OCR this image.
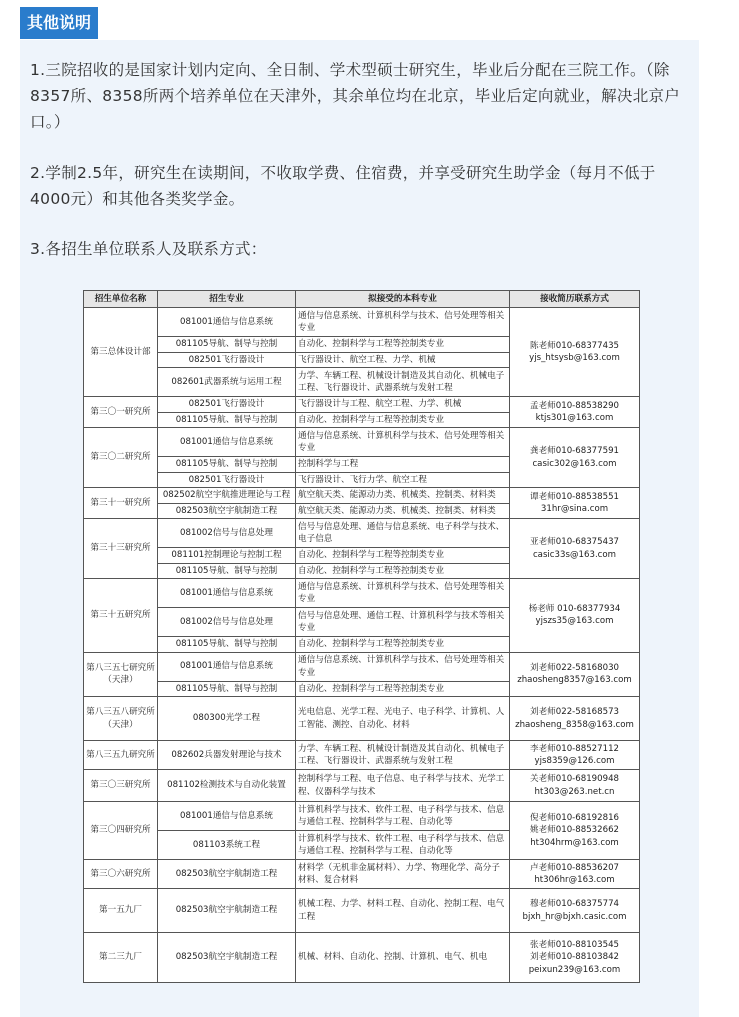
其他说明
1.三院招收的是国家计划内定向、全日制、学术型硕士研究生，毕业后分配在三院工作。（除8357所、8358所两个培养单位在天津外，其余单位均在北京，毕业后定向就业，解决北京户口。）
2.学制2.5年，研究生在读期间，不收取学费、住宿费，并享受研究生助学金（每月不低于4000元）和其他各类奖学金。
3.各招生单位联系人及联系方式：
招生单位名称	招生专业	拟接受的本科专业	接收简历联系方式
第三总体设计部	081001通信与信息系统	通信与信息系统、计算机科学与技术、信号处理等相关专业	陈老师010-68377435
yjs_htsysb@163.com

	081105导航、制导与控制	自动化、控制科学与工程等控制类专业	
	082501飞行器设计	飞行器设计、航空工程、力学、机械	
	082601武器系统与运用工程	力学、车辆工程、机械设计制造及其自动化、机械电子工程、飞行器设计、武器系统与发射工程	
第三〇一研究所	082501飞行器设计	飞行器设计与工程、航空工程、力学、机械	孟老师010-88538290
ktjs301@163.com

	081105导航、制导与控制	自动化、控制科学与工程等控制类专业	
第三〇二研究所	081001通信与信息系统	通信与信息系统、计算机科学与技术、信号处理等相关专业	龚老师010-68377591
casic302@163.com

	081105导航、制导与控制	控制科学与工程	
	082501飞行器设计	飞行器设计、飞行力学、航空工程	
第三十一研究所	082502航空宇航推进理论与工程	航空航天类、能源动力类、机械类、控制类、材料类	谭老师010-88538551
31hr@sina.com

	082503航空宇航制造工程	航空航天类、能源动力类、机械类、控制类、材料类	
第三十三研究所	081002信号与信息处理	信号与信息处理、通信与信息系统、电子科学与技术、电子信息	亚老师010-68375437
casic33s@163.com

	081101控制理论与控制工程	自动化、控制科学与工程等控制类专业	
	081105导航、制导与控制	自动化、控制科学与工程等控制类专业	
第三十五研究所	081001通信与信息系统	通信与信息系统、计算机科学与技术、信号处理等相关专业	杨老师 010-68377934
yjszs35@163.com

	081002信号与信息处理	信号与信息处理、通信工程、计算机科学与技术等相关专业	
	081105导航、制导与控制	自动化、控制科学与工程等控制类专业	
第八三五七研究所（天津）	081001通信与信息系统	通信与信息系统、计算机科学与技术、信号处理等相关专业	刘老师022-58168030
zhaosheng8357@163.com

	081105导航、制导与控制	自动化、控制科学与工程等控制类专业	
第八三五八研究所（天津）	080300光学工程	光电信息、光学工程、光电子、电子科学、计算机、人工智能、测控、自动化、材料	刘老师022-58168573
zhaosheng_8358@163.com

第八三五九研究所	082602兵器发射理论与技术	力学、车辆工程、机械设计制造及其自动化、机械电子工程、飞行器设计、武器系统与发射工程	李老师010-88527112
yjs8359@126.com

第三〇三研究所	081102检测技术与自动化装置	控制科学与工程、电子信息、电子科学与技术、光学工程、仪器科学与技术	关老师010-68190948
ht303@263.net.cn

第三〇四研究所	081001通信与信息系统	计算机科学与技术、软件工程、电子科学与技术、信息与通信工程、控制科学与工程、自动化等	倪老师010-68192816
姚老师010-88532662
ht304hrm@163.com

	081103系统工程	计算机科学与技术、软件工程、电子科学与技术、信息与通信工程、控制科学与工程、自动化等	
第三〇六研究所	082503航空宇航制造工程	材料学（无机非金属材料）、力学、物理化学、高分子材料、复合材料	卢老师010-88536207
ht306hr@163.com

第一五九厂	082503航空宇航制造工程	机械工程、力学、材料工程、自动化、控制工程、电气工程	穆老师010-68375774
bjxh_hr@bjxh.casic.com

第二三九厂	082503航空宇航制造工程	机械、材料、自动化、控制、计算机、电气、机电	张老师010-88103545
刘老师010-88103842
peixun239@163.com
